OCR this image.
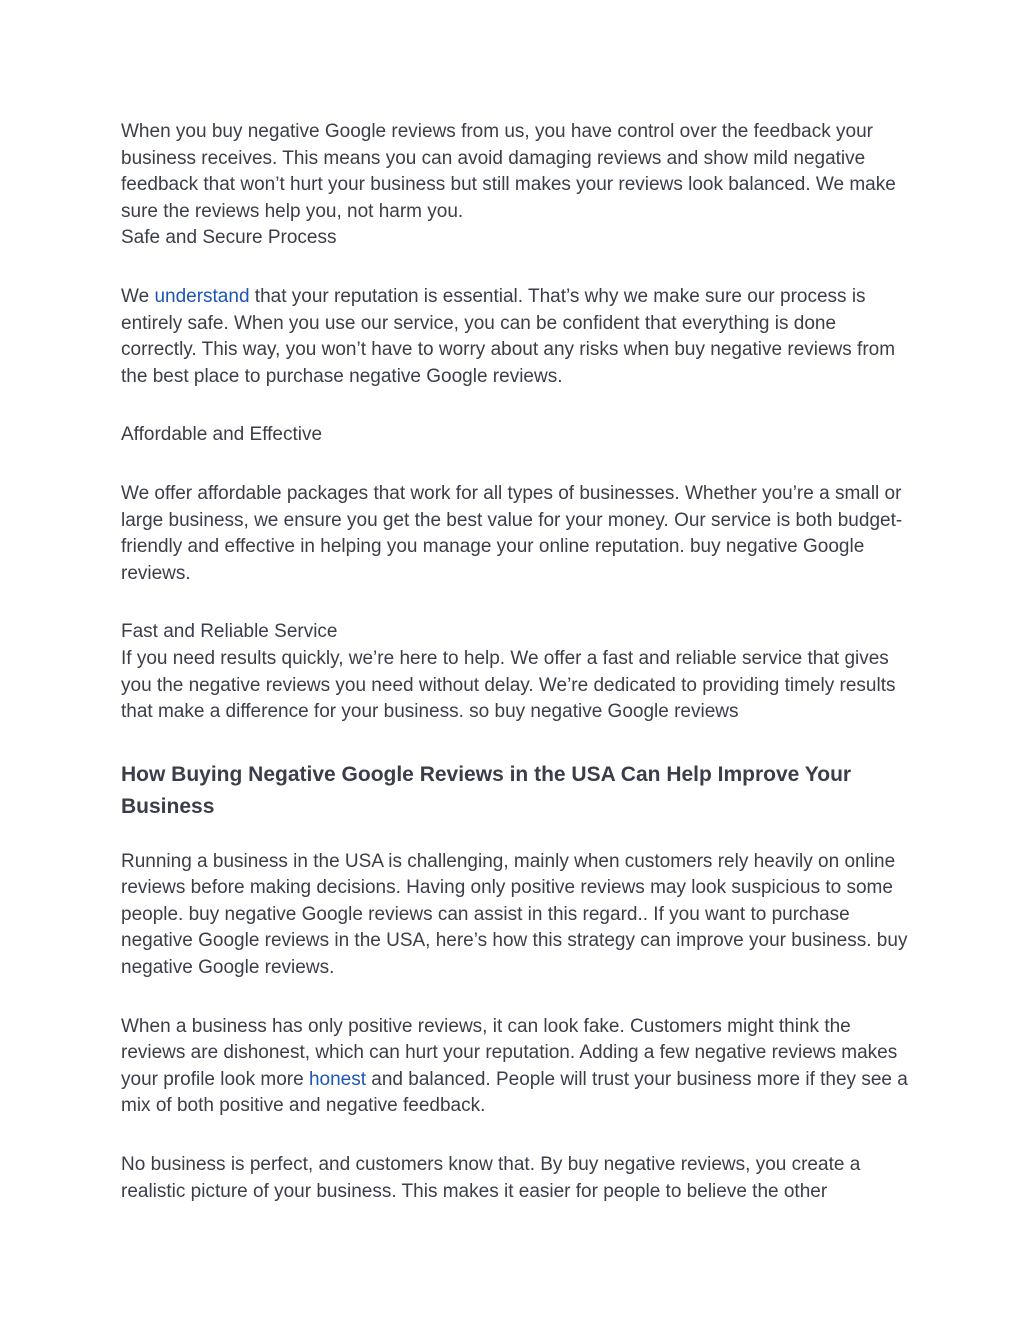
When you buy negative Google reviews from us, you have control over the feedback your business receives. This means you can avoid damaging reviews and show mild negative feedback that won’t hurt your business but still makes your reviews look balanced. We make sure the reviews help you, not harm you.

Safe and Secure Process

We understand that your reputation is essential. That’s why we make sure our process is entirely safe. When you use our service, you can be confident that everything is done correctly. This way, you won’t have to worry about any risks when buy negative reviews from the best place to purchase negative Google reviews.

Affordable and Effective

We offer affordable packages that work for all types of businesses. Whether you’re a small or large business, we ensure you get the best value for your money. Our service is both budget-friendly and effective in helping you manage your online reputation. buy negative Google reviews.

Fast and Reliable Service

If you need results quickly, we’re here to help. We offer a fast and reliable service that gives you the negative reviews you need without delay. We’re dedicated to providing timely results that make a difference for your business. so buy negative Google reviews

How Buying Negative Google Reviews in the USA Can Help Improve Your Business

Running a business in the USA is challenging, mainly when customers rely heavily on online reviews before making decisions. Having only positive reviews may look suspicious to some people. buy negative Google reviews can assist in this regard.. If you want to purchase negative Google reviews in the USA, here’s how this strategy can improve your business. buy negative Google reviews.

When a business has only positive reviews, it can look fake. Customers might think the reviews are dishonest, which can hurt your reputation. Adding a few negative reviews makes your profile look more honest and balanced. People will trust your business more if they see a mix of both positive and negative feedback.

No business is perfect, and customers know that. By buy negative reviews, you create a realistic picture of your business. This makes it easier for people to believe the other
